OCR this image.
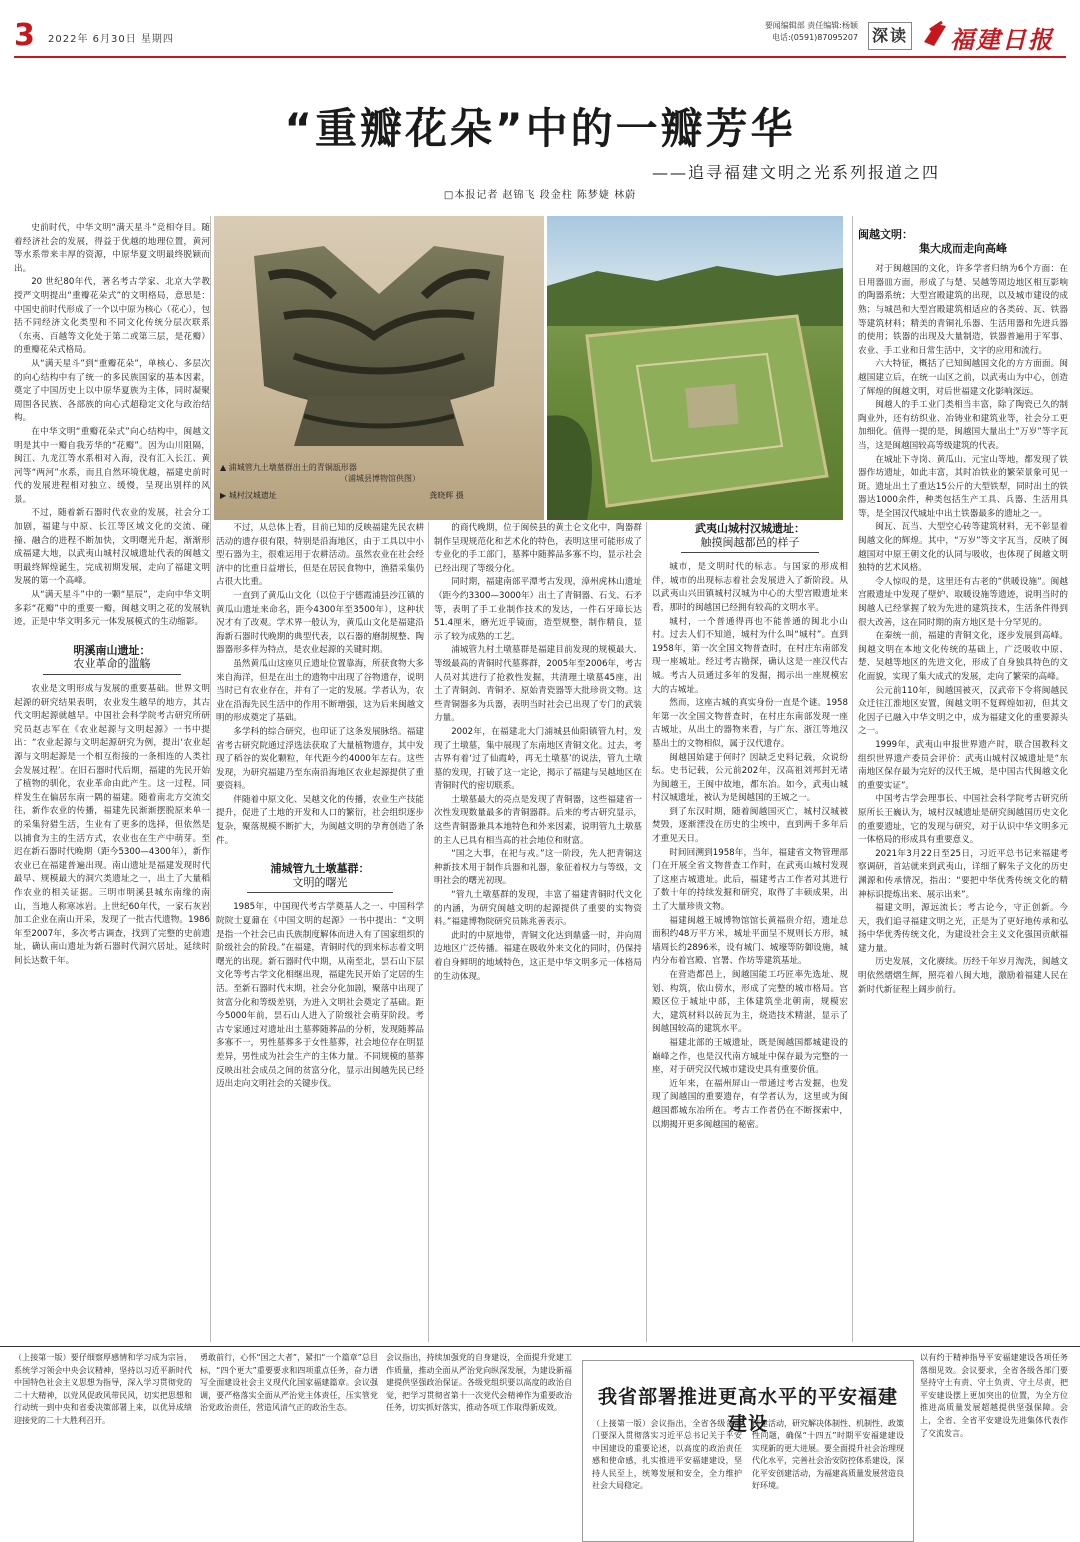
3 2022年 6月30日 星期四
要闻编辑部 责任编辑:杨颖
电话:(0591)87095207 深读 福建日报
“重瓣花朵”中的一瓣芳华
——追寻福建文明之光系列报道之四
□本报记者 赵锦飞 段金柱 陈梦婕 林蔚

史前时代，中华文明“满天星斗”竞相夺目。随着经济社会的发展，得益于优越的地理位置，黄河等水系带来丰厚的资源，中原华夏文明最终脱颖而出。

20 世纪80年代，著名考古学家、北京大学教授严文明提出“重瓣花朵式”的文明格局，意思是：中国史前时代形成了一个以中原为核心（花心），包括不同经济文化类型和不同文化传统分层次联系（东夷、百越等文化处于第二或第三层，是花瓣）的重瓣花朵式格局。

从“满天星斗”到“重瓣花朵”，单核心、多层次的向心结构中有了统一的多民族国家的基本因素，奠定了中国历史上以中原华夏族为主体，同时凝聚周围各民族、各部族的向心式超稳定文化与政治结构。

在中华文明“重瓣花朵式”向心结构中，闽越文明是其中一瓣自我芳华的“花瓣”。因为山川阻隔，闽江、九龙江等水系相对入海，没有汇入长江、黄河等“两河”水系，而且自然环境优越，福建史前时代的发展进程相对独立、缓慢，呈现出别样的风景。

不过，随着新石器时代农业的发展，社会分工加剧，福建与中原、长江等区域文化的交流、碰撞、融合的进程不断加快，文明曙光升起，渐渐形成福建大地，以武夷山城村汉城遗址代表的闽越文明最终辉煌诞生，完成初期发展，走向了福建文明发展的第一个高峰。

从“满天星斗”中的一颗“星辰”，走向中华文明多彩“花瓣”中的重要一瓣，闽越文明之花的发展轨迹，正是中华文明多元一体发展模式的生动缩影。

明溪南山遗址：
农业革命的滥觞

农业是文明形成与发展的重要基础。世界文明起源的研究结果表明，农业发生越早的地方，其古代文明起源就越早。中国社会科学院考古研究所研究员赵志军在《农业起源与文明起源》一书中提出：“农业起源与文明起源研究为例，提出‘农业起源与文明起源是一个相互衔接的一条相连的人类社会发展过程’。在旧石器时代后期，福建的先民开始了植物的驯化，农业革命由此产生。这一过程，同样发生在偏居东南一隅的福建。随着南北方交流交往，新作农业的传播，福建先民渐渐摆脱原来单一的采集狩猎生活，生业有了更多的选择，但依然是以捕食为主的生活方式，农业也在生产中萌芽。至迟在新石器时代晚期（距今5300—4300年），新作农业已在福建普遍出现。南山遗址是福建发现时代最早、规模最大的洞穴类遗址之一，出土了大量稻作农业的相关证据。三明市明溪县城东南缘的南山，当地人称寒冰岩。上世纪60年代，一家石灰岩加工企业在南山开采，发现了一批古代遗物。1986年至2007年，多次考古调查，找到了完整的史前遗址，确认南山遗址为新石器时代洞穴居址，延续时间长达数千年。

▲ 浦城管九土墩墓群出土的青铜瓿形器
（浦城县博物馆供图）
▶ 城村汉城遗址	龚晓辉 摄

不过，从总体上看，目前已知的反映福建先民农耕活动的遗存很有限，特别是沿海地区，由于工具以中小型石器为主，很难运用于农耕活动。虽然农业在社会经济中的比重日益增长，但是在居民食物中，渔猎采集仍占很大比重。

一直到了黄瓜山文化（以位于宁德霞浦县沙江镇的黄瓜山遗址来命名，距今4300年至3500年），这种状况才有了改观。学术界一般认为，黄瓜山文化是福建沿海新石器时代晚期的典型代表，以石器的磨制规整、陶器器形多样为特点，是农业起源的关键时期。

虽然黄瓜山这座贝丘遗址位置靠海，所获食物大多来自海洋，但是在出土的遗物中出现了谷物遗存，说明当时已有农业存在，并有了一定的发展。学者认为，农业在沿海先民生活中的作用不断增强，这为后来闽越文明的形成奠定了基础。

多学科的综合研究，也印证了这条发展脉络。福建省考古研究院通过浮选法获取了大量植物遗存，其中发现了稻谷的炭化颗粒，年代距今约4000年左右。这些发现，为研究福建乃至东南沿海地区农业起源提供了重要资料。

伴随着中原文化、吴越文化的传播，农业生产技能提升，促进了土地的开发和人口的繁衍，社会组织逐步复杂，聚落规模不断扩大，为闽越文明的孕育创造了条件。

浦城管九土墩墓群：
文明的曙光

1985年，中国现代考古学奠基人之一、中国科学院院士夏鼐在《中国文明的起源》一书中提出：“文明是指一个社会已由氏族制度解体而进入有了国家组织的阶级社会的阶段。”在福建，青铜时代的到来标志着文明曙光的出现。新石器时代中期，从南至北，昙石山下层文化等考古学文化相继出现，福建先民开始了定居的生活。至新石器时代末期，社会分化加剧，聚落中出现了贫富分化和等级差别，为进入文明社会奠定了基础。距今5000年前，昙石山人进入了阶级社会萌芽阶段。考古专家通过对遗址出土墓葬随葬品的分析，发现随葬品多寡不一，男性墓葬多于女性墓葬，社会地位存在明显差异，男性成为社会生产的主体力量。不同规模的墓葬反映出社会成员之间的贫富分化，显示出闽越先民已经迈出走向文明社会的关键步伐。

的商代晚期，位于闽侯县的黄土仑文化中，陶器群制作呈现规范化和艺术化的特色，表明这里可能形成了专业化的手工部门，墓葬中随葬品多寡不均，显示社会已经出现了等级分化。

同时期，福建南部平潭考古发现，漳州虎林山遗址（距今约3300—3000年）出土了青铜器、石戈、石矛等，表明了手工业制作技术的发达，一件石牙璋长达51.4厘米，磨光近乎镜面，造型规整，制作精良，显示了较为成熟的工艺。

浦城管九村土墩墓群是福建目前发现的规模最大、等级最高的青铜时代墓葬群，2005年至2006年，考古人员对其进行了抢救性发掘，共清理土墩墓45座，出土了青铜剑、青铜矛、原始青瓷器等大批珍贵文物。这些青铜器多为兵器，表明当时社会已出现了专门的武装力量。

2002年，在福建北大门浦城县仙阳镇管九村，发现了土墩墓，集中展现了东南地区青铜文化。过去，考古界有着‘过了仙霞岭，再无土墩墓’的说法，管九土墩墓的发现，打破了这一定论，揭示了福建与吴越地区在青铜时代的密切联系。

土墩墓最大的亮点是发现了青铜器，这些福建省一次性发现数量最多的青铜器群。后来的考古研究显示，这些青铜器兼具本地特色和外来因素，说明管九土墩墓的主人已具有相当高的社会地位和财富。

“国之大事，在祀与戎。”这一阶段，先人把青铜这种新技术用于制作兵器和礼器，象征着权力与等级，文明社会的曙光初现。

“管九土墩墓群的发现，丰富了福建青铜时代文化的内涵，为研究闽越文明的起源提供了重要的实物资料。”福建博物院研究员陈兆善表示。

此时的中原地带，青铜文化达到鼎盛一时，并向周边地区广泛传播。福建在吸收外来文化的同时，仍保持着自身鲜明的地域特色，这正是中华文明多元一体格局的生动体现。

武夷山城村汉城遗址：
触摸闽越都邑的样子

城市，是文明时代的标志。与国家的形成相伴，城市的出现标志着社会发展进入了新阶段。从以武夷山兴田镇城村汉城为中心的大型宫殿遗址来看，那时的闽越国已经拥有较高的文明水平。

城村，一个普通得再也不能普通的闽北小山村。过去人们不知道，城村为什么叫“城村”。直到1958年，第一次全国文物普查时，在村庄东南部发现一座城址。经过考古勘探，确认这是一座汉代古城。考古人员通过多年的发掘，揭示出一座规模宏大的古城址。

然而，这座古城的真实身份一直是个谜。1958年第一次全国文物普查时，在村庄东南部发现一座古城址，从出土的器物来看，与广东、浙江等地汉墓出土的文物相似，属于汉代遗存。

闽越国始建于何时？因缺乏史料记载，众说纷纭。史书记载，公元前202年，汉高祖刘邦封无诸为闽越王，王闽中故地，都东冶。如今，武夷山城村汉城遗址，被认为是闽越国的王城之一。

到了东汉时期，随着闽越国灭亡，城村汉城被焚毁，逐渐湮没在历史的尘埃中，直到两千多年后才重见天日。

时间回溯到1958年，当年，福建省文物管理部门在开展全省文物普查工作时，在武夷山城村发现了这座古城遗址。此后，福建考古工作者对其进行了数十年的持续发掘和研究，取得了丰硕成果，出土了大量珍贵文物。

福建闽越王城博物馆馆长黄福贵介绍，遗址总面积约48万平方米，城址平面呈不规则长方形，城墙周长约2896米，设有城门、城壕等防御设施，城内分布着宫殿、官署、作坊等建筑基址。

在营造都邑上，闽越国能工巧匠率先选址、规划、构筑，依山傍水，形成了完整的城市格局。宫殿区位于城址中部，主体建筑坐北朝南，规模宏大，建筑材料以砖瓦为主，烧造技术精湛，显示了闽越国较高的建筑水平。

福建北部的王城遗址，既是闽越国都城建设的巅峰之作，也是汉代南方城址中保存最为完整的一座，对于研究汉代城市建设史具有重要价值。

近年来，在福州屏山一带通过考古发掘，也发现了闽越国的重要遗存，有学者认为，这里或为闽越国都城东冶所在。考古工作者仍在不断探索中，以期揭开更多闽越国的秘密。

闽越文明：
集大成而走向高峰

对于闽越国的文化，许多学者归纳为6个方面：在日用器皿方面，形成了与楚、吴越等周边地区相互影响的陶器系统；大型宫殿建筑的出现，以及城市建设的成熟；与城邑和大型宫殿建筑相适应的各类砖、瓦、铁器等建筑材料；精美的青铜礼乐器、生活用器和先进兵器的使用；铁器的出现及大量制造，铁器普遍用于军事、农业、手工业和日常生活中，文字的应用和流行。

六大特征，概括了已知闽越国文化的方方面面。闽越国建立后，在统一山区之前，以武夷山为中心，创造了辉煌的闽越文明，对后世福建文化影响深远。

闽越人的手工业门类相当丰富，除了陶瓷已久的制陶业外，还有纺织业、冶铸业和建筑业等，社会分工更加细化。值得一提的是，闽越国大量出土“万岁”等字瓦当，这是闽越国较高等级建筑的代表。

在城址下寺岗、黄瓜山、元宝山等地，都发现了铁器作坊遗址，如此丰富，其时冶铁业的繁荣景象可见一斑。遗址出土了重达15公斤的大型铁犁，同时出土的铁器达1000余件，种类包括生产工具、兵器、生活用具等，是全国汉代城址中出土铁器最多的遗址之一。

闽瓦、瓦当、大型空心砖等建筑材料，无不彰显着闽越文化的辉煌。其中，“万岁”等文字瓦当，反映了闽越国对中原王朝文化的认同与吸收，也体现了闽越文明独特的艺术风格。

令人惊叹的是，这里还有古老的“供暖设施”。闽越宫殿遗址中发现了壁炉、取暖设施等遗迹，说明当时的闽越人已经掌握了较为先进的建筑技术，生活条件得到很大改善，这在同时期的南方地区是十分罕见的。

在秦统一前，福建的青铜文化，逐步发展到高峰。闽越文明在本地文化传统的基础上，广泛吸收中原、楚、吴越等地区的先进文化，形成了自身独具特色的文化面貌，实现了集大成式的发展，走向了繁荣的高峰。

公元前110年，闽越国被灭，汉武帝下令将闽越民众迁往江淮地区安置，闽越文明不复辉煌如初，但其文化因子已融入中华文明之中，成为福建文化的重要源头之一。

1999年，武夷山申报世界遗产时，联合国教科文组织世界遗产委员会评价：武夷山城村汉城遗址是“东南地区保存最为完好的汉代王城，是中国古代闽越文化的重要实证”。

中国考古学会理事长、中国社会科学院考古研究所原所长王巍认为，城村汉城遗址是研究闽越国历史文化的重要遗址，它的发现与研究，对于认识中华文明多元一体格局的形成具有重要意义。

2021年3月22日至25日，习近平总书记来福建考察调研，首站就来到武夷山，详细了解朱子文化的历史渊源和传承情况，指出：“要把中华优秀传统文化的精神标识提炼出来、展示出来”。

福建文明，源远流长；考古论今，守正创新。今天，我们追寻福建文明之光，正是为了更好地传承和弘扬中华优秀传统文化，为建设社会主义文化强国贡献福建力量。

历史发展，文化赓续。历经千年岁月淘洗，闽越文明依然熠熠生辉，照亮着八闽大地，激励着福建人民在新时代新征程上阔步前行。

（上接第一版）要仔细察厚感情和学习成为宗旨，系统学习领会中央会议精神，坚持以习近平新时代中国特色社会主义思想为指导，深入学习贯彻党的二十大精神，以党风促政风带民风，切实把思想和行动统一到中央和省委决策部署上来，以优异成绩迎接党的二十大胜利召开。

勇敢前行，心怀“国之大者”，紧扣“一个篇章”总目标，“四个更大”重要要求和四项重点任务，奋力谱写全面建设社会主义现代化国家福建篇章。会议强调，要严格落实全面从严治党主体责任，压实管党治党政治责任，营造风清气正的政治生态。

会议指出，持续加强党的自身建设，全面提升党建工作质量，推动全面从严治党向纵深发展，为建设新福建提供坚强政治保证。各级党组织要以高度的政治自觉，把学习贯彻省第十一次党代会精神作为重要政治任务，切实抓好落实，推动各项工作取得新成效。	我省部署推进更高水平的平安福建建设

（上接第一版）会议指出，全省各级各部门要深入贯彻落实习近平总书记关于平安中国建设的重要论述，以高度的政治责任感和使命感，扎实推进平安福建建设，坚持人民至上，统筹发展和安全，全力维护社会大局稳定。

创建活动，研究解决体制性、机制性、政策性问题，确保“十四五”时期平安福建建设实现新的更大进展。要全面提升社会治理现代化水平，完善社会治安防控体系建设，深化平安创建活动，为福建高质量发展营造良好环境。

以有约于精神指导平安福建建设各项任务落细见效。会议要求，全省各级各部门要坚持守土有责、守土负责、守土尽责，把平安建设摆上更加突出的位置，为全方位推进高质量发展超越提供坚强保障。会上，全省、全省平安建设先进集体代表作了交流发言。
